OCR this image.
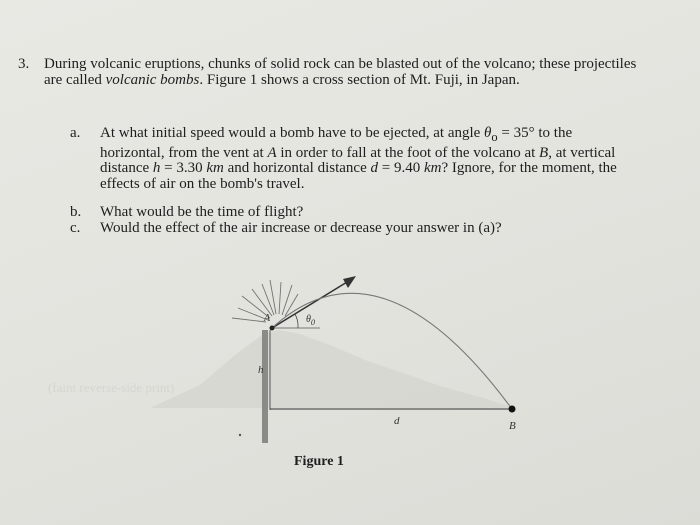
3. During volcanic eruptions, chunks of solid rock can be blasted out of the volcano; these projectiles are called volcanic bombs. Figure 1 shows a cross section of Mt. Fuji, in Japan.
a.	At what initial speed would a bomb have to be ejected, at angle $\theta_o = 35^\circ$ to the horizontal, from the vent at A in order to fall at the foot of the volcano at B, at vertical distance h = 3.30 km and horizontal distance d = 9.40 km? Ignore, for the moment, the effects of air on the bomb's travel.
b.	What would be the time of flight?
c.	Would the effect of the air increase or decrease your answer in (a)?
(faint reverse-side print)
A	$\theta_0$
h
d	B
Figure 1
